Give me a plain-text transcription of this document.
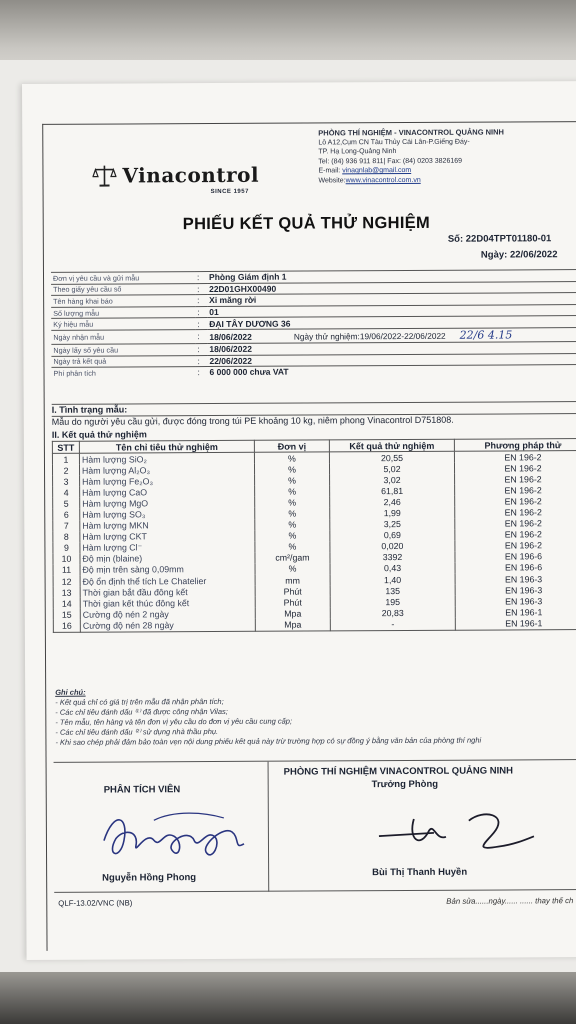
PHÒNG THÍ NGHIỆM - VINACONTROL QUẢNG NINH
Lô A12,Cụm CN Tàu Thủy Cái Lân-P.Giếng Đáy-
TP. Hạ Long-Quảng Ninh
Tel: (84) 936 911 811| Fax: (84) 0203 3826169
E-mail: vinaqnlab@gmail.com
Website:www.vinacontrol.com.vn
Vinacontrol
SINCE 1957
PHIẾU KẾT QUẢ THỬ NGHIỆM
Số: 22D04TPT01180-01
Ngày: 22/06/2022
Đơn vị yêu cầu và gửi mẫu	:	Phòng Giám định 1
Theo giấy yêu cầu số	:	22D01GHX00490
Tên hàng khai báo	:	Xi măng rời
Số lượng mẫu	:	01
Ký hiệu mẫu	:	ĐẠI TÂY DƯƠNG 36
Ngày nhận mẫu	:	18/06/2022 Ngày thử nghiệm:19/06/2022-22/06/2022 22/6 4.15
Ngày lấy số yêu cầu	:	18/06/2022
Ngày trả kết quả	:	22/06/2022
Phí phân tích	:	6 000 000 chưa VAT
I. Tình trạng mẫu:
Mẫu do người yêu cầu gửi, được đóng trong túi PE khoảng 10 kg, niêm phong Vinacontrol D751808.
II. Kết quả thử nghiệm
STT	Tên chỉ tiêu thử nghiệm	Đơn vị	Kết quả thử nghiệm	Phương pháp thử
1	Hàm lượng SiO₂	%	20,55	EN 196-2
2	Hàm lượng Al₂O₃	%	5,02	EN 196-2
3	Hàm lượng Fe₂O₃	%	3,02	EN 196-2
4	Hàm lượng CaO	%	61,81	EN 196-2
5	Hàm lượng MgO	%	2,46	EN 196-2
6	Hàm lượng SO₃	%	1,99	EN 196-2
7	Hàm lượng MKN	%	3,25	EN 196-2
8	Hàm lượng CKT	%	0,69	EN 196-2
9	Hàm lượng Cl⁻	%	0,020	EN 196-2
10	Độ mịn (blaine)	cm²/gam	3392	EN 196-6
11	Độ mịn trên sàng 0,09mm	%	0,43	EN 196-6
12	Độ ổn định thể tích Le Chatelier	mm	1,40	EN 196-3
13	Thời gian bắt đầu đông kết	Phút	135	EN 196-3
14	Thời gian kết thúc đông kết	Phút	195	EN 196-3
15	Cường độ nén 2 ngày	Mpa	20,83	EN 196-1
16	Cường độ nén 28 ngày	Mpa	-	EN 196-1
Ghi chú:
- Kết quả chỉ có giá trị trên mẫu đã nhận phân tích;
- Các chỉ tiêu đánh dấu ⁽¹⁾ đã được công nhận Vilas;
- Tên mẫu, tên hàng và tên đơn vị yêu cầu do đơn vị yêu cầu cung cấp;
- Các chỉ tiêu đánh dấu ⁽²⁾ sử dụng nhà thầu phụ.
- Khi sao chép phải đảm bảo toàn vẹn nội dung phiếu kết quả này trừ trường hợp có sự đồng ý bằng văn bản của phòng thí nghi
PHÂN TÍCH VIÊN
Nguyễn Hồng Phong
PHÒNG THÍ NGHIỆM VINACONTROL QUẢNG NINH
Trưởng Phòng
Bùi Thị Thanh Huyền
QLF-13.02/VNC (NB)	Bản sửa......ngày...... ...... thay thế ch
